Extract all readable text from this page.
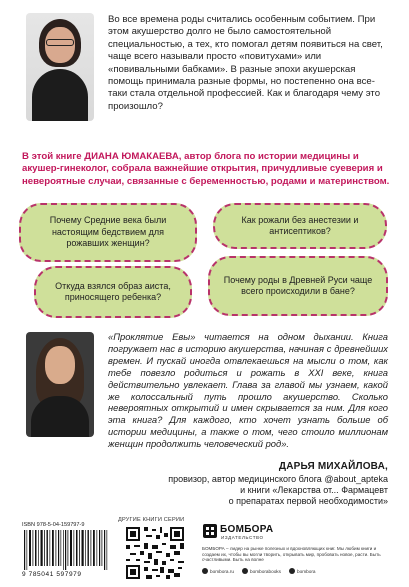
Во все времена роды считались особенным событием. При этом акушерство долго не было самостоятельной специальностью, а тех, кто помогал детям появиться на свет, чаще всего называли просто «повитухами» или «повивальными бабками». В разные эпохи акушерская помощь принимала разные формы, но постепенно она все-таки стала отдельной профессией. Как и благодаря чему это произошло?
В этой книге ДИАНА ЮМАКАЕВА, автор блога по истории медицины и акушер-гинеколог, собрала важнейшие открытия, причудливые суеверия и невероятные случаи, связанные с беременностью, родами и материнством.
Почему Средние века были настоящим бедствием для рожавших женщин?
Как рожали без анестезии и антисептиков?
Откуда взялся образ аиста, приносящего ребенка?
Почему роды в Древней Руси чаще всего происходили в бане?
«Проклятие Евы» читается на одном дыхании. Книга погружает нас в историю акушерства, начиная с древнейших времен. И пускай иногда отвлекаешься на мысли о том, как тебе повезло родиться и рожать в XXI веке, книга действительно увлекает. Глава за главой мы узнаем, какой же колоссальный путь прошло акушерство. Сколько невероятных открытий и имен скрывается за ним. Для кого эта книга? Для каждого, кто хочет узнать больше об истории медицины, а также о том, чего стоило миллионам женщин продолжить человеческий род».
ДАРЬЯ МИХАЙЛОВА,
провизор, автор медицинского блога @about_apteka
и книги «Лекарства от... Фармацевт
о препаратах первой необходимости»
ДРУГИЕ КНИГИ СЕРИИ
ISBN 978-5-04-159797-9
9 785041 597979
БОМБОРА
ИЗДАТЕЛЬСТВО
БОМБОРА – лидер на рынке полезных и вдохновляющих книг. Мы любим книги и создаем их, чтобы вы могли творить, открывать мир, пробовать новое, расти. Быть счастливыми. Быть на волне
bombora.ru	bomborabooks	bombora
